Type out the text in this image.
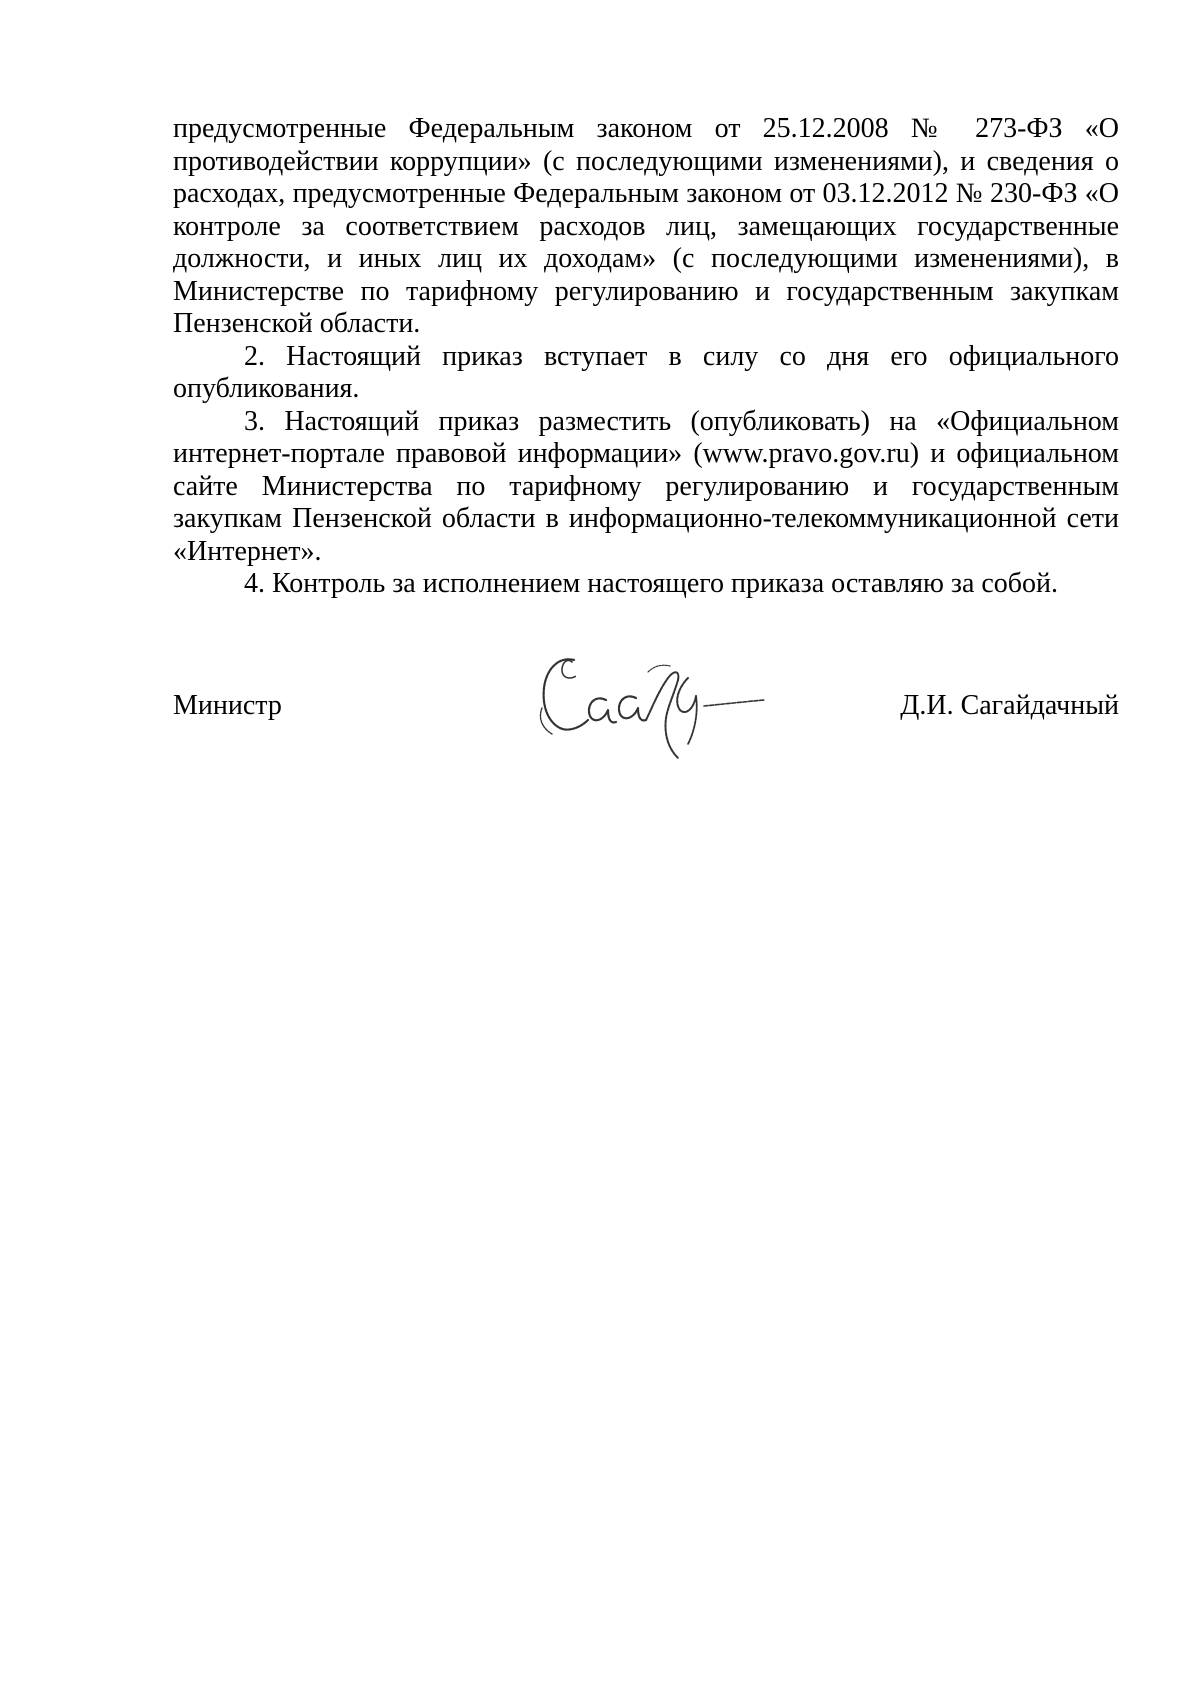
предусмотренные Федеральным законом от 25.12.2008 № 273-ФЗ «О противодействии коррупции» (с последующими изменениями), и сведения о расходах, предусмотренные Федеральным законом от 03.12.2012 № 230-ФЗ «О контроле за соответствием расходов лиц, замещающих государственные должности, и иных лиц их доходам» (с последующими изменениями), в Министерстве по тарифному регулированию и государственным закупкам Пензенской области.

2. Настоящий приказ вступает в силу со дня его официального опубликования.

3. Настоящий приказ разместить (опубликовать) на «Официальном интернет-портале правовой информации» (www.pravo.gov.ru) и официальном сайте Министерства по тарифному регулированию и государственным закупкам Пензенской области в информационно-телекоммуникационной сети «Интернет».

4. Контроль за исполнением настоящего приказа оставляю за собой.

Министр	Д.И. Сагайдачный
